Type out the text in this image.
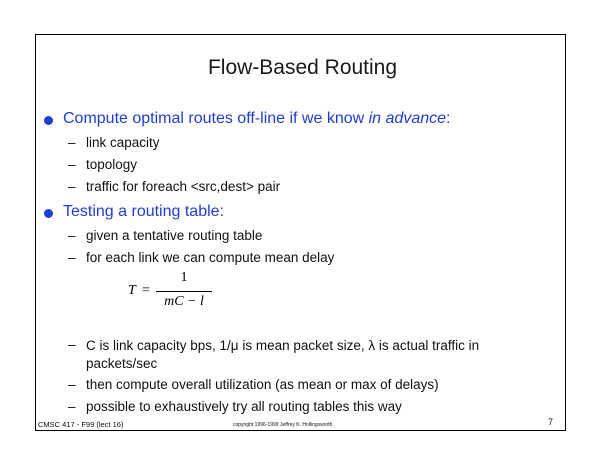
Flow-Based Routing
Compute optimal routes off-line if we know in advance:
– link capacity
– topology
– traffic for foreach <src,dest> pair
Testing a routing table:
– given a tentative routing table
– for each link we can compute mean delay
T =
1
mC − l
– C is link capacity bps, 1/μ is mean packet size, λ is actual traffic in packets/sec
– then compute overall utilization (as mean or max of delays)
– possible to exhaustively try all routing tables this way
CMSC 417 - F99 (lect 16)	copyright 1996-1999 Jeffrey K. Hollingsworth	7
